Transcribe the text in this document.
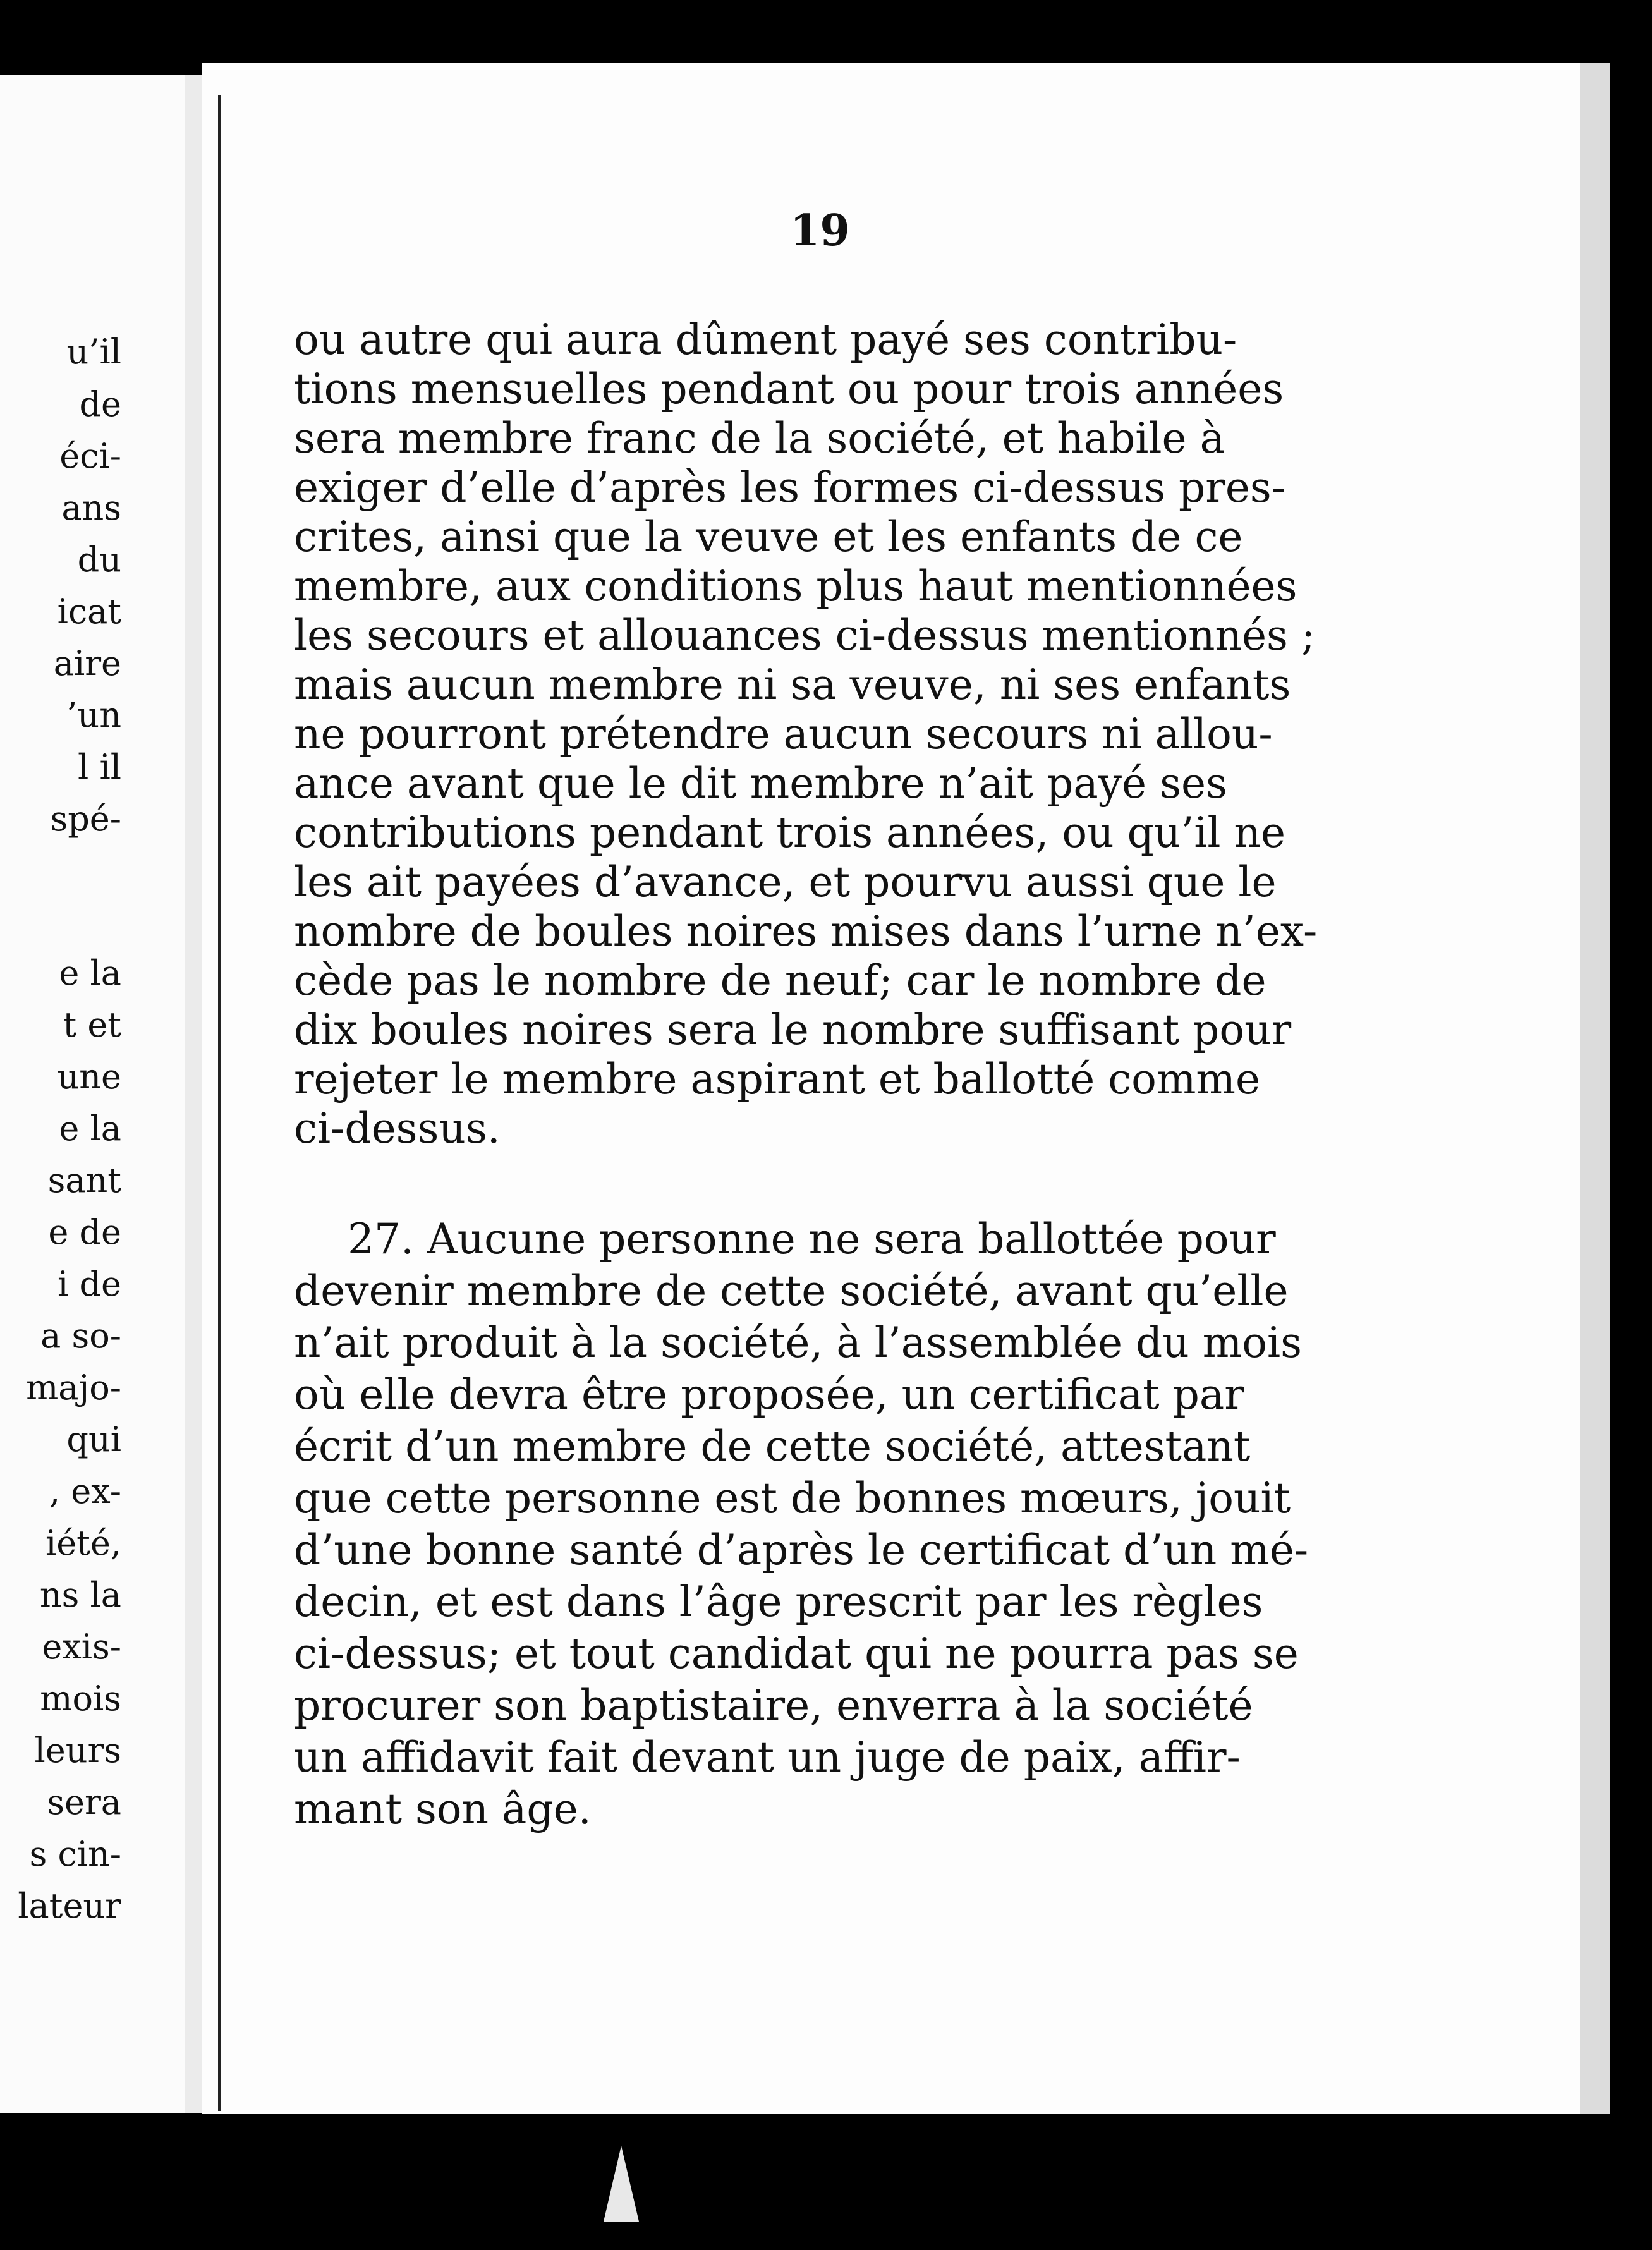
u’il

de

éci-

ans

du

icat

aire

’un

l il

spé-

e la

t et

une

e la

sant

e de

i de

a so-

majo-

qui

, ex-

iété,

ns la

exis-

mois

leurs

sera

s cin-

lateur

19

ou autre qui aura dûment payé ses contribu-

tions mensuelles pendant ou pour trois années

sera membre franc de la société, et habile à

exiger d’elle d’après les formes ci-dessus pres-

crites, ainsi que la veuve et les enfants de ce

membre, aux conditions plus haut mentionnées

les secours et allouances ci-dessus mentionnés ;

mais aucun membre ni sa veuve, ni ses enfants

ne pourront prétendre aucun secours ni allou-

ance avant que le dit membre n’ait payé ses

contributions pendant trois années, ou qu’il ne

les ait payées d’avance, et pourvu aussi que le

nombre de boules noires mises dans l’urne n’ex-

cède pas le nombre de neuf; car le nombre de

dix boules noires sera le nombre suffisant pour

rejeter le membre aspirant et ballotté comme

ci-dessus.

27. Aucune personne ne sera ballottée pour

devenir membre de cette société, avant qu’elle

n’ait produit à la société, à l’assemblée du mois

où elle devra être proposée, un certificat par

écrit d’un membre de cette société, attestant

que cette personne est de bonnes mœurs, jouit

d’une bonne santé d’après le certificat d’un mé-

decin, et est dans l’âge prescrit par les règles

ci-dessus; et tout candidat qui ne pourra pas se

procurer son baptistaire, enverra à la société

un affidavit fait devant un juge de paix, affir-

mant son âge.
